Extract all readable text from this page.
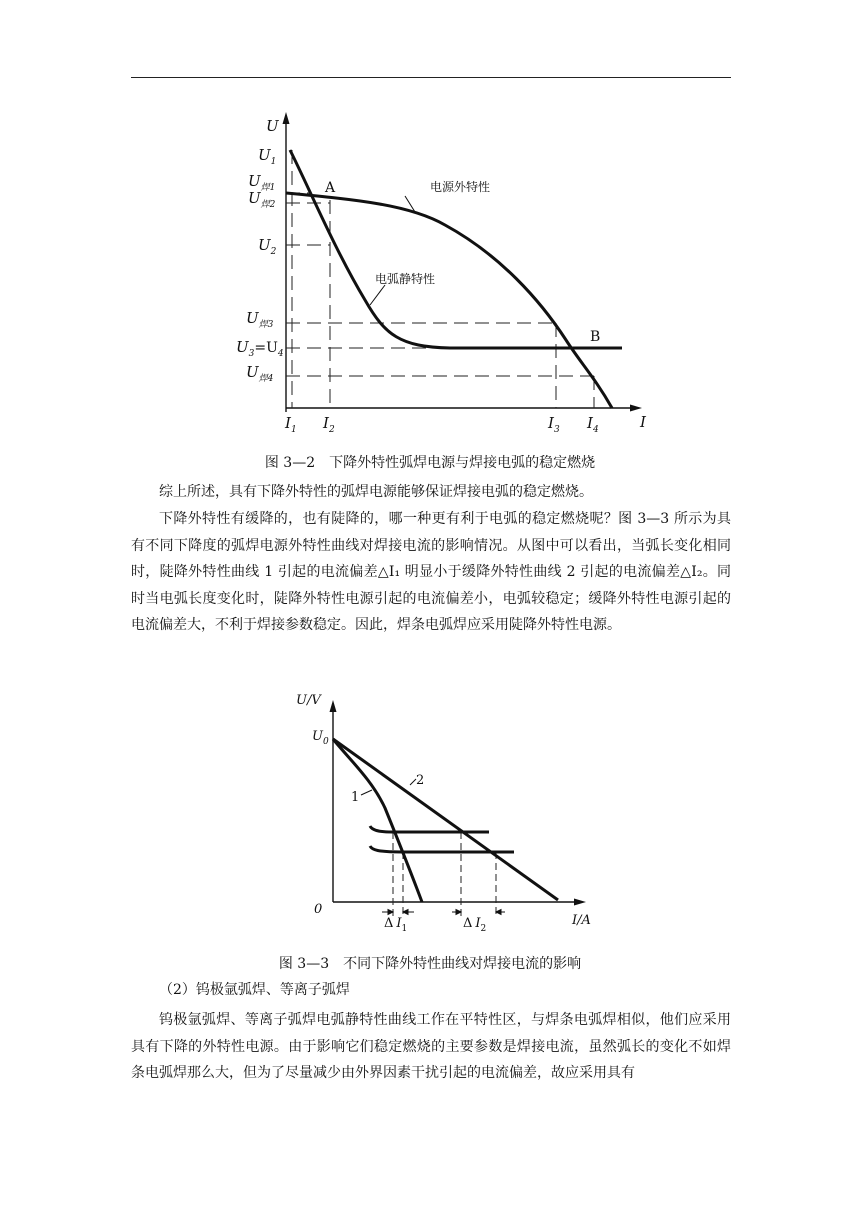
U
I
$U_1$
$U_{焊1}$
$U_{焊2}$
$U_2$
$U_{焊3}$
$U_3=U_4$
$U_{焊4}$
$I_1$ $I_2$	$I_3$ $I_4$
A
B
电源外特性
电弧静特性
图 3—2　下降外特性弧焊电源与焊接电弧的稳定燃烧
综上所述，具有下降外特性的弧焊电源能够保证焊接电弧的稳定燃烧。
下降外特性有缓降的，也有陡降的，哪一种更有利于电弧的稳定燃烧呢？图 3—3 所示为具有不同下降度的弧焊电源外特性曲线对焊接电流的影响情况。从图中可以看出，当弧长变化相同时，陡降外特性曲线 1 引起的电流偏差△I₁ 明显小于缓降外特性曲线 2 引起的电流偏差△I₂。同时当电弧长度变化时，陡降外特性电源引起的电流偏差小，电弧较稳定；缓降外特性电源引起的电流偏差大，不利于焊接参数稳定。因此，焊条电弧焊应采用陡降外特性电源。
U/V
I/A
$U_0$
0
1
2
Δ $I_1$	Δ $I_2$
图 3—3　不同下降外特性曲线对焊接电流的影响
（2）钨极氩弧焊、等离子弧焊
钨极氩弧焊、等离子弧焊电弧静特性曲线工作在平特性区，与焊条电弧焊相似，他们应采用具有下降的外特性电源。由于影响它们稳定燃烧的主要参数是焊接电流，虽然弧长的变化不如焊条电弧焊那么大，但为了尽量减少由外界因素干扰引起的电流偏差，故应采用具有
